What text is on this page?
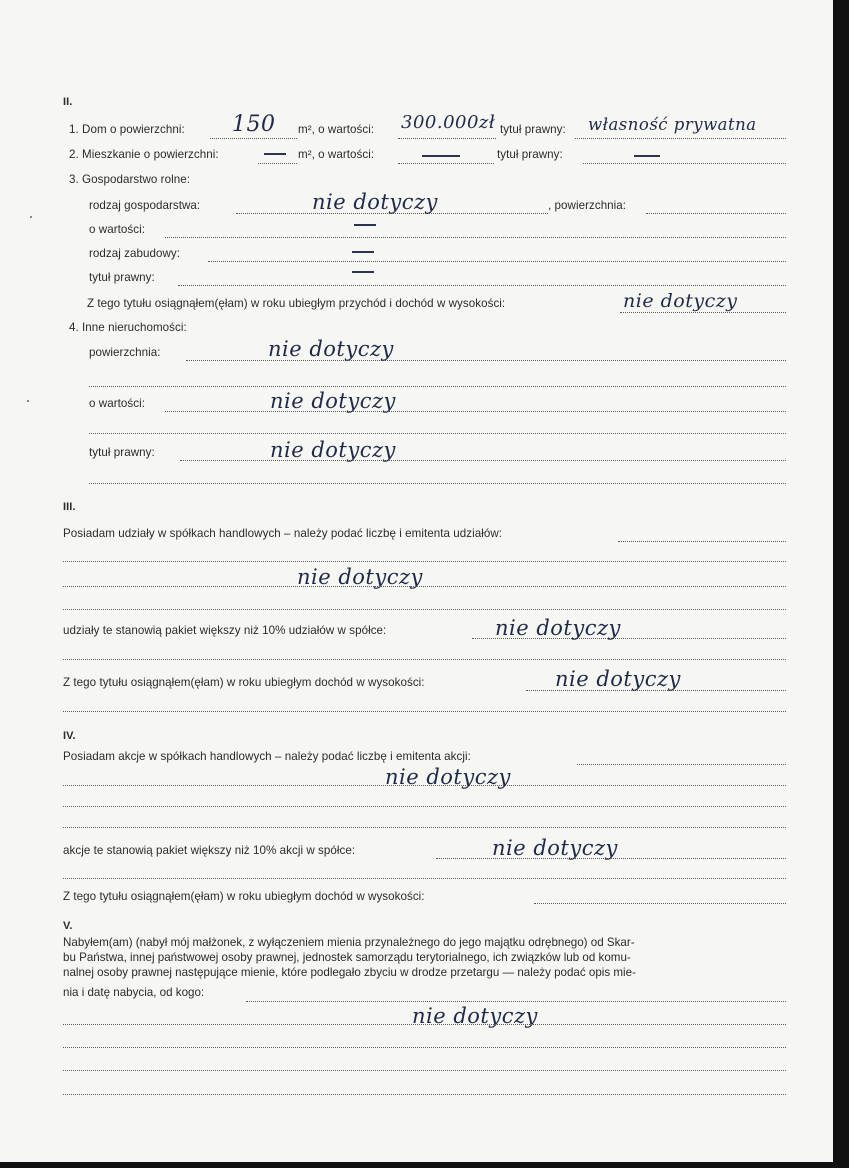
II.
1. Dom o powierzchni: 150 m², o wartości: 300.000zł tytuł prawny: własność prywatna
2. Mieszkanie o powierzchni:	m², o wartości:	tytuł prawny:
3. Gospodarstwo rolne:
rodzaj gospodarstwa:	nie dotyczy	, powierzchnia:
o wartości:
rodzaj zabudowy:
tytuł prawny:
Z tego tytułu osiągnąłem(ęłam) w roku ubiegłym przychód i dochód w wysokości:	nie dotyczy
4. Inne nieruchomości:
powierzchnia:	nie dotyczy
o wartości:	nie dotyczy
tytuł prawny:	nie dotyczy
III.
Posiadam udziały w spółkach handlowych – należy podać liczbę i emitenta udziałów:
nie dotyczy
udziały te stanowią pakiet większy niż 10% udziałów w spółce:	nie dotyczy
Z tego tytułu osiągnąłem(ęłam) w roku ubiegłym dochód w wysokości:	nie dotyczy
IV.
Posiadam akcje w spółkach handlowych – należy podać liczbę i emitenta akcji:
nie dotyczy
akcje te stanowią pakiet większy niż 10% akcji w spółce:	nie dotyczy
Z tego tytułu osiągnąłem(ęłam) w roku ubiegłym dochód w wysokości:
V.
Nabyłem(am) (nabył mój małżonek, z wyłączeniem mienia przynależnego do jego majątku odrębnego) od Skar-
bu Państwa, innej państwowej osoby prawnej, jednostek samorządu terytorialnego, ich związków lub od komu-
nalnej osoby prawnej następujące mienie, które podlegało zbyciu w drodze przetargu — należy podać opis mie-
nia i datę nabycia, od kogo:
nie dotyczy
